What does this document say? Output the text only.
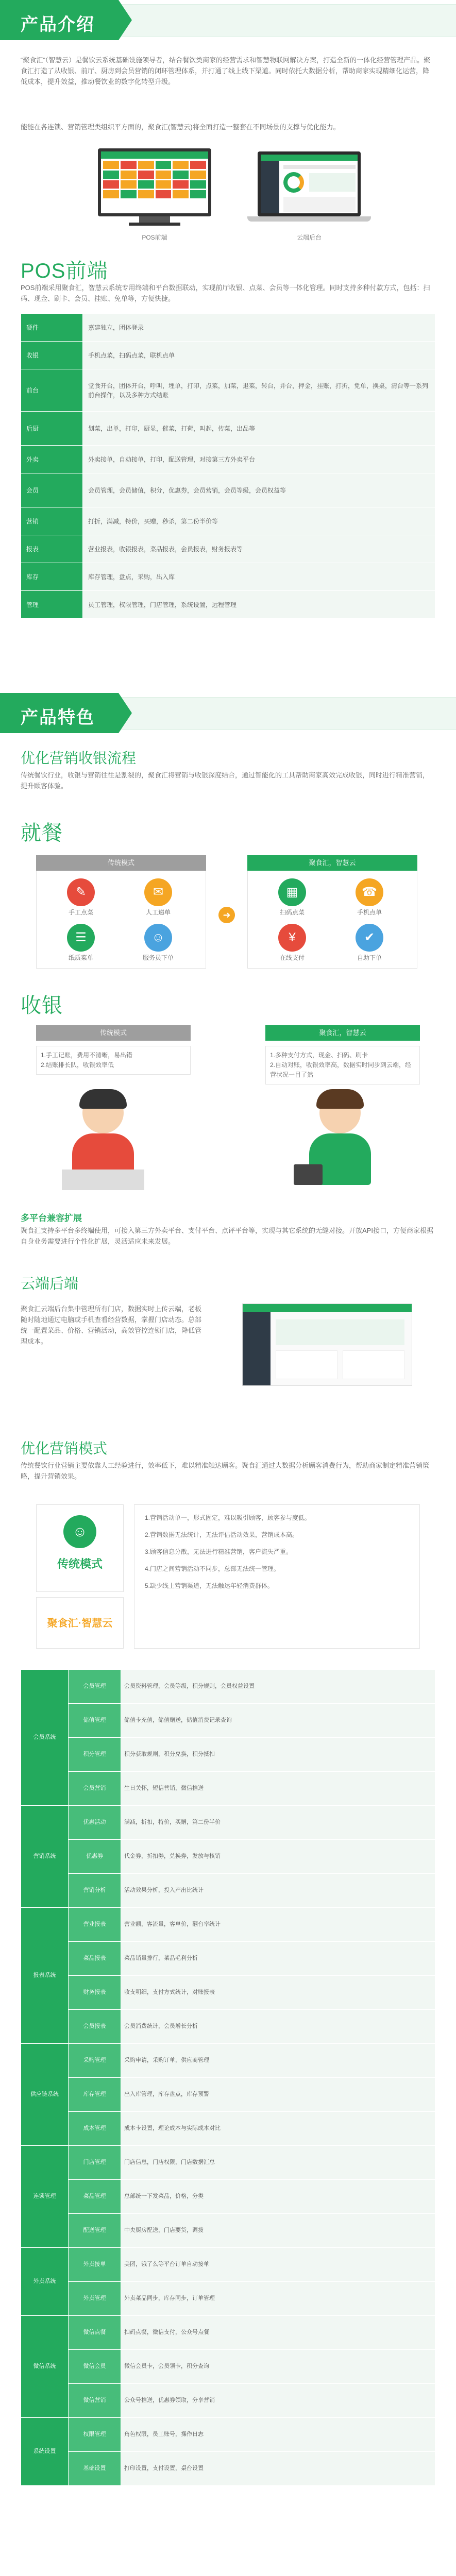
产品介绍
“聚食汇”（智慧云）是餐饮云系统基础设施领导者，结合餐饮类商家的经营需求和智慧物联网解决方案，打造全新的一体化经营管理产品。聚食汇打造了从收银、前厅、厨房到会员营销的闭环管理体系，并打通了线上线下渠道。同时依托大数据分析，帮助商家实现精细化运营，降低成本，提升效益，推动餐饮业的数字化转型升级。
能能在各连锁、营销管理类组织平方面的，聚食汇(智慧云)将全面打造一整套在不同场景的支撑与优化能力。
POS前端	云端后台
POS前端
POS前端采用聚食汇，智慧云系统专用终端和平台数据联动，实现前厅收银、点菜、会员等一体化管理。同时支持多种付款方式，包括：扫码、现金、刷卡、会员、挂账、免单等，方便快捷。
硬件	嘉建独立，团体登录
收银	手机点菜，扫码点菜，联机点单
前台	堂食开台，团体开台，呼叫，埋单，打印，点菜，加菜，退菜，转台，并台，押金，挂账，打折，免单，换桌，清台等一系列前台操作，以及多种方式结账
后厨	划菜，出单，打印，厨显，催菜，打荷，叫起，传菜，出品等
外卖	外卖接单，自动接单，打印，配送管理，对接第三方外卖平台
会员	会员管理，会员储值，积分，优惠券，会员营销，会员等级，会员权益等
营销	打折，满减，特价，买赠，秒杀，第二份半价等
报表	营业报表，收银报表，菜品报表，会员报表，财务报表等
库存	库存管理，盘点，采购，出入库
管理	员工管理，权限管理，门店管理，系统设置，远程管理
产品特色
优化营销收银流程
传统餐饮行业，收银与营销往往是割裂的，聚食汇将营销与收银深度结合，通过智能化的工具帮助商家高效完成收银，同时进行精准营销，提升顾客体验。
就餐
传统模式	聚食汇，智慧云
✎
手工点菜
▦
扫码点菜
✉
人工递单
☎
手机点单
☰
纸质菜单
¥
在线支付
☺
服务员下单
✔
自助下单
➜
收银
传统模式	聚食汇，智慧云
1.手工记账，费用不清晰，易出错
2.结账排长队，收银效率低
1.多种支付方式，现金、扫码、刷卡
2.自动对账，收银效率高，数据实时同步到云端，经营状况一目了然
多平台兼容扩展
聚食汇支持多平台多终端使用，可接入第三方外卖平台、支付平台、点评平台等，实现与其它系统的无缝对接。开放API接口，方便商家根据自身业务需要进行个性化扩展，灵活适应未来发展。
云端后端
聚食汇云端后台集中管理所有门店，数据实时上传云端，老板随时随地通过电脑或手机查看经营数据，掌握门店动态。总部统一配置菜品、价格、营销活动，高效管控连锁门店，降低管理成本。
优化营销模式
传统餐饮行业营销主要依靠人工经验进行，效率低下，难以精准触达顾客。聚食汇通过大数据分析顾客消费行为，帮助商家制定精准营销策略，提升营销效果。
☺
传统模式
聚食汇·智慧云
1.营销活动单一，形式固定，难以吸引顾客，顾客参与度低。
2.营销数据无法统计，无法评估活动效果，营销成本高。
3.顾客信息分散，无法进行精准营销，客户流失严重。
4.门店之间营销活动不同步，总部无法统一管理。
5.缺少线上营销渠道，无法触达年轻消费群体。
会员系统	会员管理	会员资料管理，会员等级，积分规则，会员权益设置
	储值管理	储值卡充值，储值赠送，储值消费记录查询
	积分管理	积分获取规则，积分兑换，积分抵扣
	会员营销	生日关怀，短信营销，微信推送
营销系统	优惠活动	满减，折扣，特价，买赠，第二份半价
	优惠券	代金券，折扣券，兑换券，发放与核销
	营销分析	活动效果分析，投入产出比统计
报表系统	营业报表	营业额，客流量，客单价，翻台率统计
	菜品报表	菜品销量排行，菜品毛利分析
	财务报表	收支明细，支付方式统计，对账报表
	会员报表	会员消费统计，会员增长分析
供应链系统	采购管理	采购申请，采购订单，供应商管理
	库存管理	出入库管理，库存盘点，库存预警
	成本管理	成本卡设置，理论成本与实际成本对比
连锁管理	门店管理	门店信息，门店权限，门店数据汇总
	菜品管理	总部统一下发菜品，价格，分类
	配送管理	中央厨房配送，门店要货，调拨
外卖系统	外卖接单	美团，饿了么等平台订单自动接单
	外卖管理	外卖菜品同步，库存同步，订单管理
微信系统	微信点餐	扫码点餐，微信支付，公众号点餐
	微信会员	微信会员卡，会员领卡，积分查询
	微信营销	公众号推送，优惠券领取，分享营销
系统设置	权限管理	角色权限，员工账号，操作日志
	基础设置	打印设置，支付设置，桌台设置
